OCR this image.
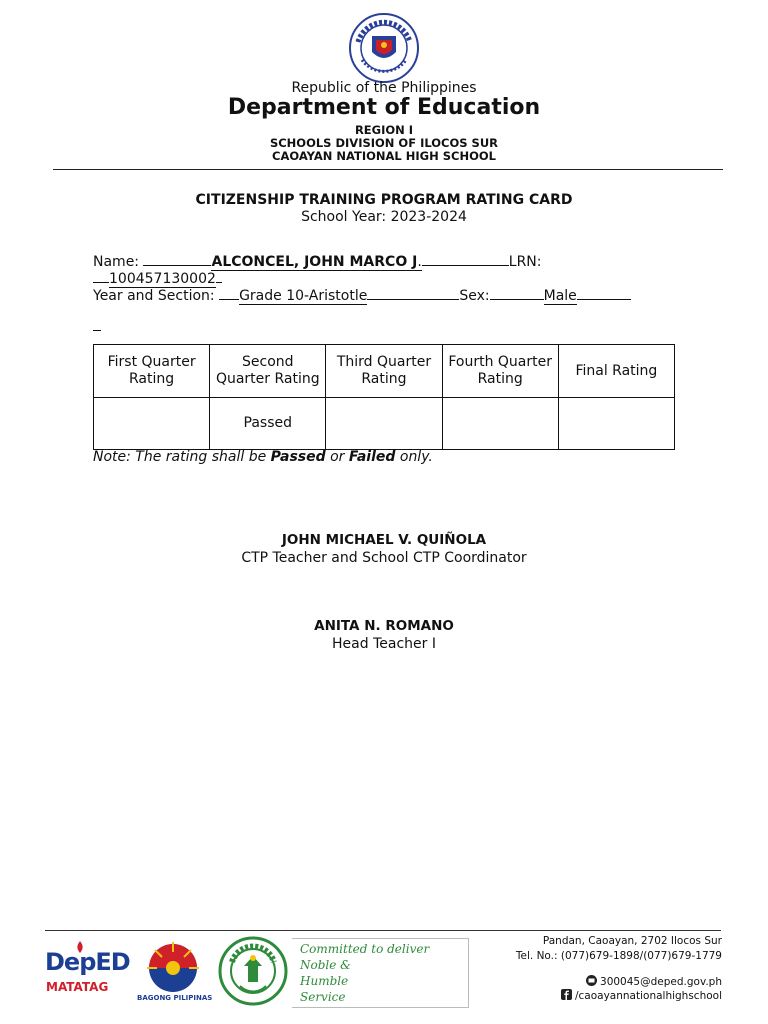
Republic of the Philippines
Department of Education
REGION I
SCHOOLS DIVISION OF ILOCOS SUR
CAOAYAN NATIONAL HIGH SCHOOL
CITIZENSHIP TRAINING PROGRAM RATING CARD
School Year: 2023-2024
Name:	ALCONCEL, JOHN MARCO J.	LRN:
100457130002
Year and Section: Grade 10-Aristotle	Sex:	Male
First Quarter Rating	Second Quarter Rating	Third Quarter Rating	Fourth Quarter Rating	Final Rating
	Passed			
Note: The rating shall be Passed or Failed only.
JOHN MICHAEL V. QUIÑOLA
CTP Teacher and School CTP Coordinator
ANITA N. ROMANO
Head Teacher I
DepED
MATATAG
BAGONG PILIPINAS
Committed to deliver
Noble &
Humble
Service
Pandan, Caoayan, 2702 Ilocos Sur
Tel. No.: (077)679-1898/(077)679-1779
300045@deped.gov.ph
/caoayannationalhighschool
